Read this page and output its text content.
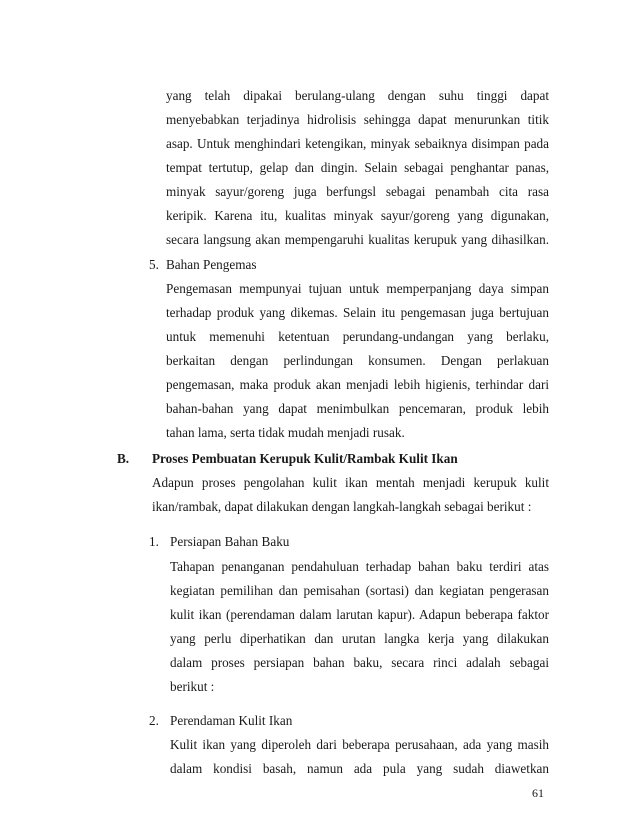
yang telah dipakai berulang-ulang dengan suhu tinggi dapat
menyebabkan terjadinya hidrolisis sehingga dapat menurunkan titik
asap. Untuk menghindari ketengikan, minyak sebaiknya disimpan pada
tempat tertutup, gelap dan dingin. Selain sebagai penghantar panas,
minyak sayur/goreng juga berfungsl sebagai penambah cita rasa
keripik. Karena itu, kualitas minyak sayur/goreng yang digunakan,
secara langsung akan mempengaruhi kualitas kerupuk yang dihasilkan.
5. Bahan Pengemas
Pengemasan mempunyai tujuan untuk memperpanjang daya simpan
terhadap produk yang dikemas. Selain itu pengemasan juga bertujuan
untuk memenuhi ketentuan perundang-undangan yang berlaku,
berkaitan dengan perlindungan konsumen. Dengan perlakuan
pengemasan, maka produk akan menjadi lebih higienis, terhindar dari
bahan-bahan yang dapat menimbulkan pencemaran, produk lebih
tahan lama, serta tidak mudah menjadi rusak.
B. Proses Pembuatan Kerupuk Kulit/Rambak Kulit Ikan
Adapun proses pengolahan kulit ikan mentah menjadi kerupuk kulit
ikan/rambak, dapat dilakukan dengan langkah-langkah sebagai berikut :
1. Persiapan Bahan Baku
Tahapan penanganan pendahuluan terhadap bahan baku terdiri atas
kegiatan pemilihan dan pemisahan (sortasi) dan kegiatan pengerasan
kulit ikan (perendaman dalam larutan kapur). Adapun beberapa faktor
yang perlu diperhatikan dan urutan langka kerja yang dilakukan
dalam proses persiapan bahan baku, secara rinci adalah sebagai
berikut :
2. Perendaman Kulit Ikan
Kulit ikan yang diperoleh dari beberapa perusahaan, ada yang masih
dalam kondisi basah, namun ada pula yang sudah diawetkan
61
